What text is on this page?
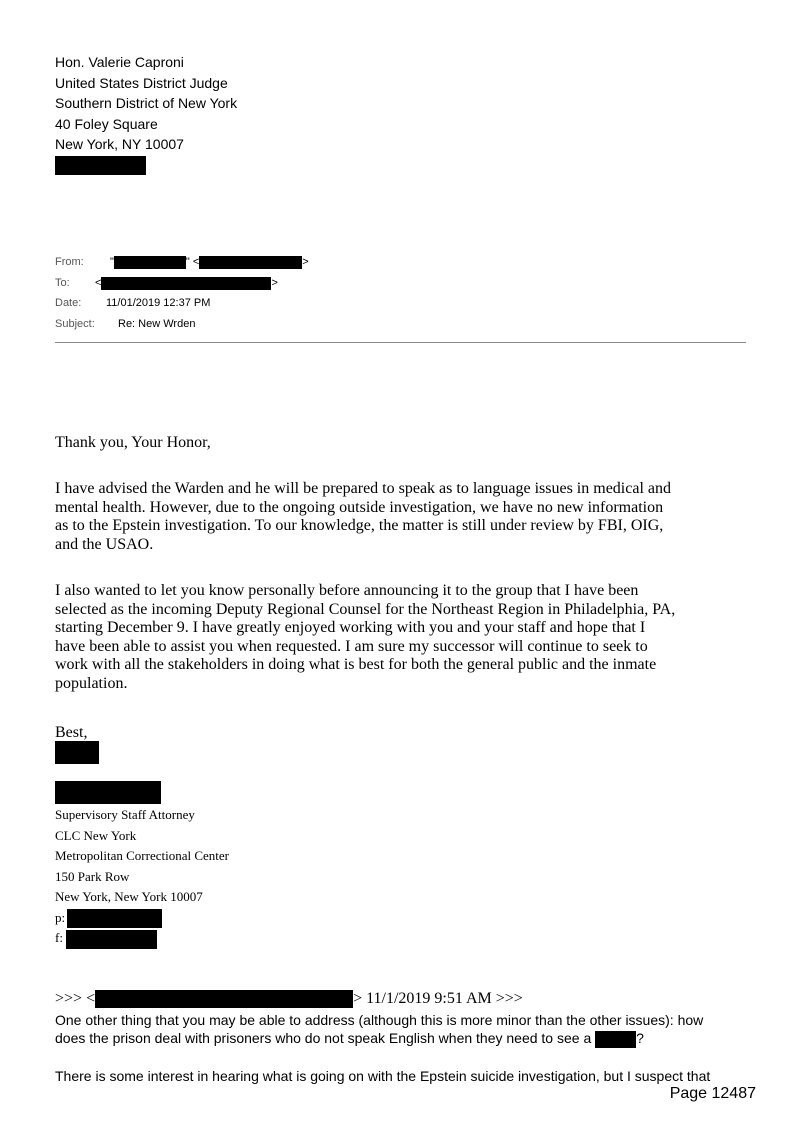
Hon. Valerie Caproni
United States District Judge
Southern District of New York
40 Foley Square
New York, NY 10007
From: "	" <	>
To: <	>
Date: 11/01/2019 12:37 PM
Subject: Re: New Wrden
Thank you, Your Honor,
I have advised the Warden and he will be prepared to speak as to language issues in medical and
mental health. However, due to the ongoing outside investigation, we have no new information
as to the Epstein investigation. To our knowledge, the matter is still under review by FBI, OIG,
and the USAO.
I also wanted to let you know personally before announcing it to the group that I have been
selected as the incoming Deputy Regional Counsel for the Northeast Region in Philadelphia, PA,
starting December 9. I have greatly enjoyed working with you and your staff and hope that I
have been able to assist you when requested. I am sure my successor will continue to seek to
work with all the stakeholders in doing what is best for both the general public and the inmate
population.
Best,
Supervisory Staff Attorney
CLC New York
Metropolitan Correctional Center
150 Park Row
New York, New York 10007
p:
f:
>>> <	> 11/1/2019 9:51 AM >>>
One other thing that you may be able to address (although this is more minor than the other issues): how
does the prison deal with prisoners who do not speak English when they need to see a	?
There is some interest in hearing what is going on with the Epstein suicide investigation, but I suspect that
Page 12487
